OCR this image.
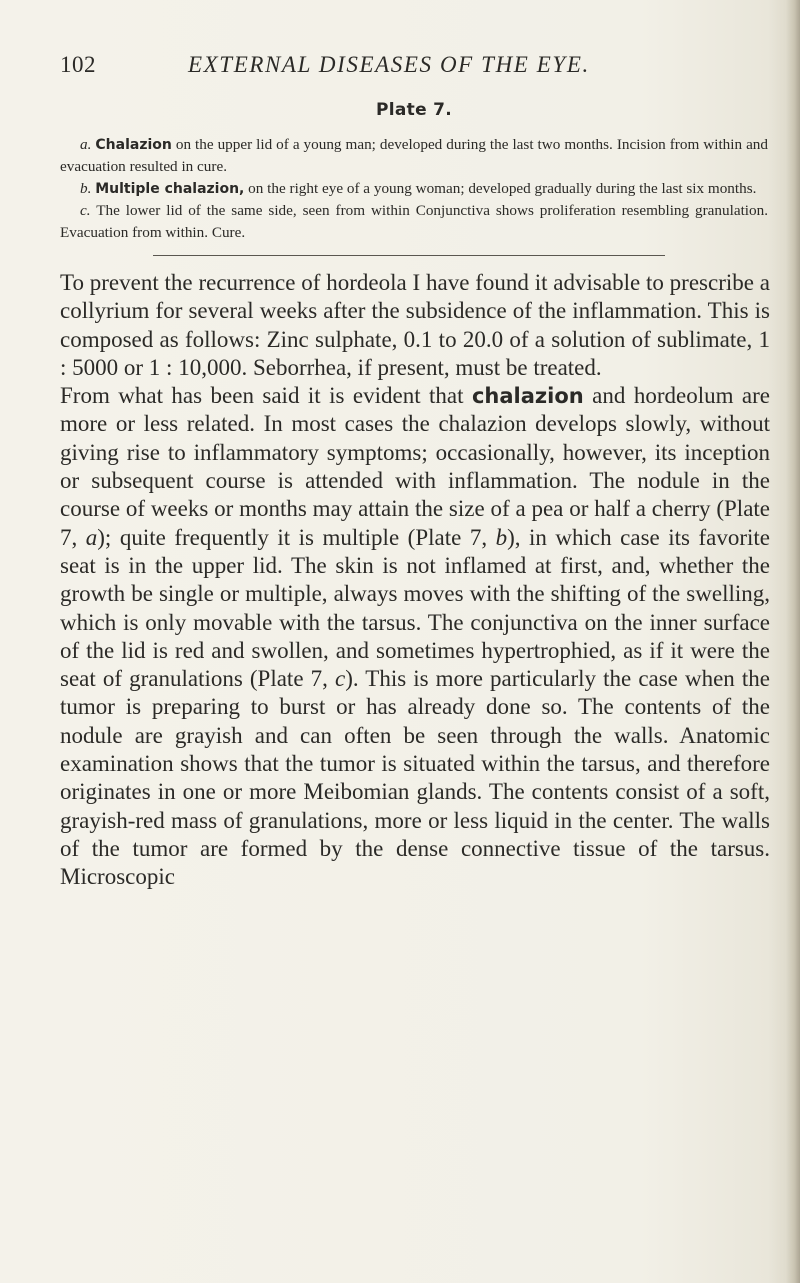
102	EXTERNAL DISEASES OF THE EYE.
Plate 7.

a. Chalazion on the upper lid of a young man; developed during the last two months. Incision from within and evacuation resulted in cure.

b. Multiple chalazion, on the right eye of a young woman; developed gradually during the last six months.

c. The lower lid of the same side, seen from within Conjunctiva shows proliferation resembling granulation. Evacuation from within. Cure.

To prevent the recurrence of hordeola I have found it advisable to prescribe a collyrium for several weeks after the subsidence of the inflammation. This is composed as follows: Zinc sulphate, 0.1 to 20.0 of a solution of sublimate, 1 : 5000 or 1 : 10,000. Seborrhea, if present, must be treated.

From what has been said it is evident that chalazion and hordeolum are more or less related. In most cases the chalazion develops slowly, without giving rise to inflammatory symptoms; occasionally, however, its inception or subsequent course is attended with inflammation. The nodule in the course of weeks or months may attain the size of a pea or half a cherry (Plate 7, a); quite frequently it is multiple (Plate 7, b), in which case its favorite seat is in the upper lid. The skin is not inflamed at first, and, whether the growth be single or multiple, always moves with the shifting of the swelling, which is only movable with the tarsus. The conjunctiva on the inner surface of the lid is red and swollen, and sometimes hypertrophied, as if it were the seat of granulations (Plate 7, c). This is more particularly the case when the tumor is preparing to burst or has already done so. The contents of the nodule are grayish and can often be seen through the walls. Anatomic examination shows that the tumor is situated within the tarsus, and therefore originates in one or more Meibomian glands. The contents consist of a soft, grayish-red mass of granulations, more or less liquid in the center. The walls of the tumor are formed by the dense connective tissue of the tarsus. Microscopic
